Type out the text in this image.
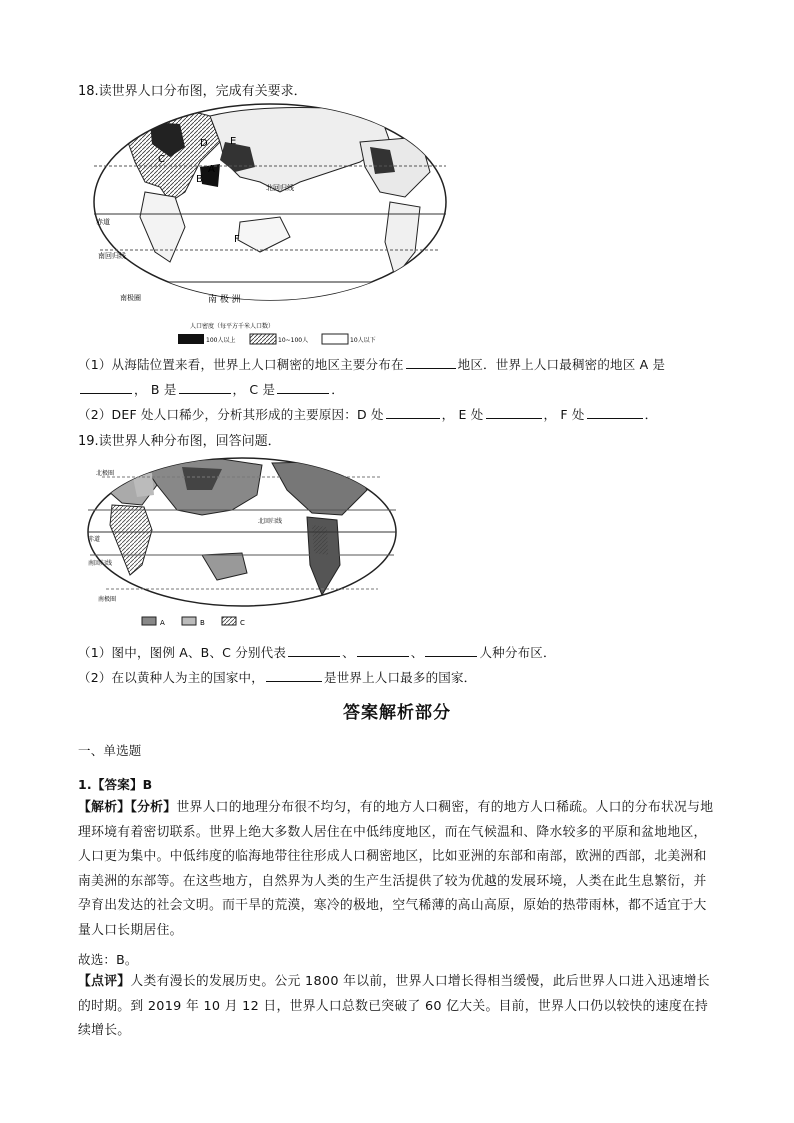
18.读世界人口分布图，完成有关要求．
D E
F
A
B
C
北回归线
赤道
南回归线
南极圈	南 极 洲
人口密度（每平方千米人口数）
100人以上	10~100人	10人以下
（1）从海陆位置来看，世界上人口稠密的地区主要分布在	地区．世界上人口最稠密的地区 A 是
， B 是	， C 是	．
（2）DEF 处人口稀少，分析其形成的主要原因：D 处	， E 处	， F 处	．
19.读世界人种分布图，回答问题．
北回归线
赤道
南回归线
北极圈
南极圈
A	B	C
（1）图中，图例 A、B、C 分别代表	、	、	人种分布区．
（2）在以黄种人为主的国家中，	是世界上人口最多的国家．
答案解析部分
一、单选题
1.【答案】B
【解析】【分析】世界人口的地理分布很不均匀，有的地方人口稠密，有的地方人口稀疏。人口的分布状况与地理环境有着密切联系。世界上绝大多数人居住在中低纬度地区，而在气候温和、降水较多的平原和盆地地区，人口更为集中。中低纬度的临海地带往往形成人口稠密地区，比如亚洲的东部和南部，欧洲的西部，北美洲和南美洲的东部等。在这些地方，自然界为人类的生产生活提供了较为优越的发展环境，人类在此生息繁衍，并孕育出发达的社会文明。而干旱的荒漠，寒冷的极地，空气稀薄的高山高原，原始的热带雨林，都不适宜于大量人口长期居住。
故选：B。
【点评】人类有漫长的发展历史。公元 1800 年以前，世界人口增长得相当缓慢，此后世界人口进入迅速增长的时期。到 2019 年 10 月 12 日，世界人口总数已突破了 60 亿大关。目前，世界人口仍以较快的速度在持续增长。
